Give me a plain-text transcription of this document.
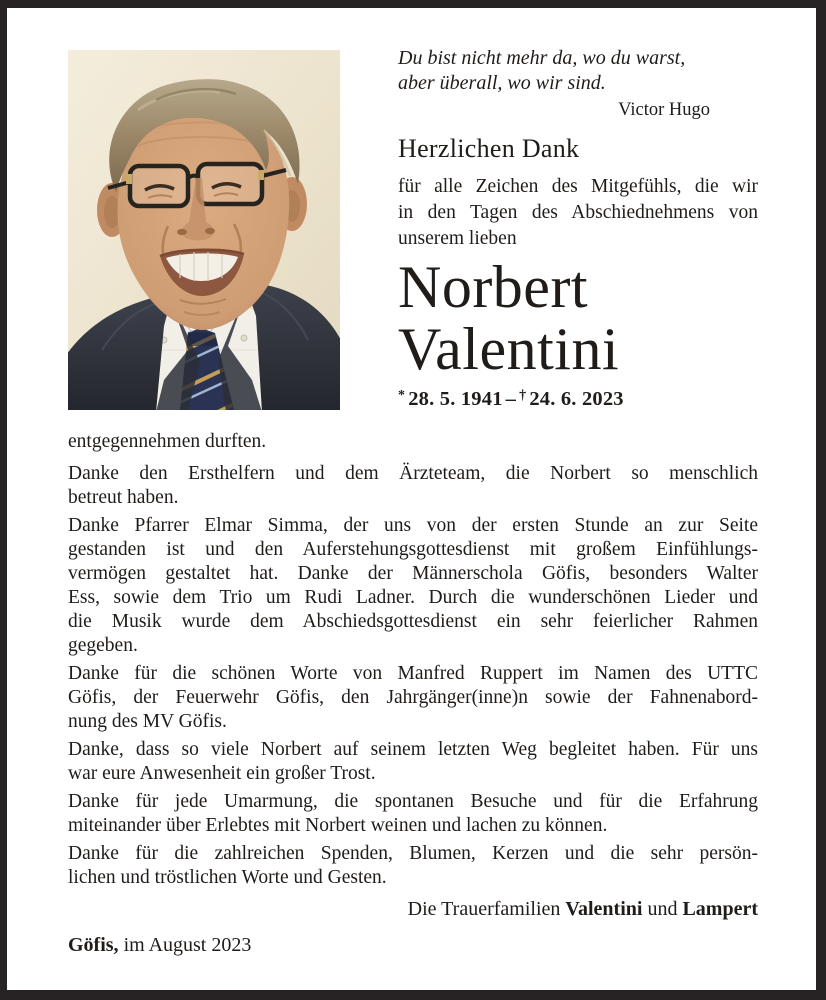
Du bist nicht mehr da, wo du warst,
aber überall, wo wir sind.
Victor Hugo
Herzlichen Dank
für alle Zeichen des Mitgefühls, die wir
in den Tagen des Abschiednehmens von
unserem lieben
Norbert
Valentini
* 28. 5. 1941 – † 24. 6. 2023
entgegennehmen durften.
Danke den Ersthelfern und dem Ärzteteam, die Norbert so menschlich
betreut haben.
Danke Pfarrer Elmar Simma, der uns von der ersten Stunde an zur Seite
gestanden ist und den Auferstehungsgottesdienst mit großem Einfühlungs-
vermögen gestaltet hat. Danke der Männerschola Göfis, besonders Walter
Ess, sowie dem Trio um Rudi Ladner. Durch die wunderschönen Lieder und
die Musik wurde dem Abschiedsgottesdienst ein sehr feierlicher Rahmen
gegeben.
Danke für die schönen Worte von Manfred Ruppert im Namen des UTTC
Göfis, der Feuerwehr Göfis, den Jahrgänger(inne)n sowie der Fahnenabord-
nung des MV Göfis.
Danke, dass so viele Norbert auf seinem letzten Weg begleitet haben. Für uns
war eure Anwesenheit ein großer Trost.
Danke für jede Umarmung, die spontanen Besuche und für die Erfahrung
miteinander über Erlebtes mit Norbert weinen und lachen zu können.
Danke für die zahlreichen Spenden, Blumen, Kerzen und die sehr persön-
lichen und tröstlichen Worte und Gesten.
Die Trauerfamilien Valentini und Lampert
Göfis, im August 2023
